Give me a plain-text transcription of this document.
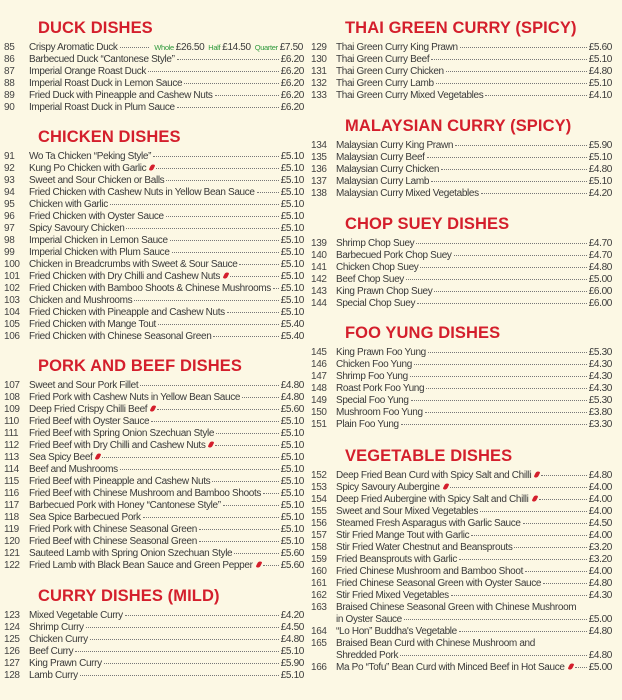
DUCK DISHES
85	Crispy Aromatic Duck	Whole £26.50 Half £14.50 Quarter £7.50
86	Barbecued Duck “Cantonese Style”	£6.20
87	Imperial Orange Roast Duck	£6.20
88	Imperial Roast Duck in Lemon Sauce	£6.20
89	Fried Duck with Pineapple and Cashew Nuts	£6.20
90	Imperial Roast Duck in Plum Sauce	£6.20
CHICKEN DISHES
91	Wo Ta Chicken “Peking Style”	£5.10
92	Kung Po Chicken with Garlic	£5.10
93	Sweet and Sour Chicken or Balls	£5.10
94	Fried Chicken with Cashew Nuts in Yellow Bean Sauce	£5.10
95	Chicken with Garlic	£5.10
96	Fried Chicken with Oyster Sauce	£5.10
97	Spicy Savoury Chicken	£5.10
98	Imperial Chicken in Lemon Sauce	£5.10
99	Imperial Chicken with Plum Sauce	£5.10
100 Chicken in Breadcrumbs with Sweet & Sour Sauce	£5.10
101 Fried Chicken with Dry Chilli and Cashew Nuts	£5.10
102 Fried Chicken with Bamboo Shoots & Chinese Mushrooms £5.10
103 Chicken and Mushrooms	£5.10
104 Fried Chicken with Pineapple and Cashew Nuts	£5.10
105 Fried Chicken with Mange Tout	£5.40
106 Fried Chicken with Chinese Seasonal Green	£5.40
PORK AND BEEF DISHES
107 Sweet and Sour Pork Fillet	£4.80
108 Fried Pork with Cashew Nuts in Yellow Bean Sauce	£4.80
109 Deep Fried Crispy Chilli Beef	£5.60
110	Fried Beef with Oyster Sauce	£5.10
111	Fried Beef with Spring Onion Szechuan Style	£5.10
112	Fried Beef with Dry Chilli and Cashew Nuts	£5.10
113	Sea Spicy Beef	£5.10
114	Beef and Mushrooms	£5.10
115	Fried Beef with Pineapple and Cashew Nuts	£5.10
116	Fried Beef with Chinese Mushroom and Bamboo Shoots £5.10
117	Barbecued Pork with Honey “Cantonese Style”	£5.10
118	Sea Spice Barbecued Pork	£5.10
119	Fried Pork with Chinese Seasonal Green	£5.10
120 Fried Beef with Chinese Seasonal Green	£5.10
121 Sauteed Lamb with Spring Onion Szechuan Style	£5.60
122 Fried Lamb with Black Bean Sauce and Green Pepper	£5.60
CURRY DISHES (MILD)
123 Mixed Vegetable Curry	£4.20
124 Shrimp Curry	£4.50
125 Chicken Curry	£4.80
126 Beef Curry	£5.10
127 King Prawn Curry	£5.90
128 Lamb Curry	£5.10
THAI GREEN CURRY (SPICY)
129 Thai Green Curry King Prawn	£5.60
130 Thai Green Curry Beef	£5.10
131 Thai Green Curry Chicken	£4.80
132 Thai Green Curry Lamb	£5.10
133 Thai Green Curry Mixed Vegetables	£4.10
MALAYSIAN CURRY (SPICY)
134 Malaysian Curry King Prawn	£5.90
135 Malaysian Curry Beef	£5.10
136 Malaysian Curry Chicken	£4.80
137 Malaysian Curry Lamb	£5.10
138 Malaysian Curry Mixed Vegetables	£4.20
CHOP SUEY DISHES
139 Shrimp Chop Suey	£4.70
140 Barbecued Pork Chop Suey	£4.70
141 Chicken Chop Suey	£4.80
142 Beef Chop Suey	£5.00
143 King Prawn Chop Suey	£6.00
144 Special Chop Suey	£6.00
FOO YUNG DISHES
145 King Prawn Foo Yung	£5.30
146 Chicken Foo Yung	£4.30
147 Shrimp Foo Yung	£4.30
148 Roast Pork Foo Yung	£4.30
149 Special Foo Yung	£5.30
150 Mushroom Foo Yung	£3.80
151 Plain Foo Yung	£3.30
VEGETABLE DISHES
152 Deep Fried Bean Curd with Spicy Salt and Chilli	£4.80
153 Spicy Savoury Aubergine	£4.00
154 Deep Fried Aubergine with Spicy Salt and Chilli	£4.00
155 Sweet and Sour Mixed Vegetables	£4.00
156 Steamed Fresh Asparagus with Garlic Sauce	£4.50
157 Stir Fried Mange Tout with Garlic	£4.00
158 Stir Fried Water Chestnut and Beansprouts	£3.20
159 Fried Beansprouts with Garlic	£3.20
160 Fried Chinese Mushroom and Bamboo Shoot	£4.00
161 Fried Chinese Seasonal Green with Oyster Sauce	£4.80
162 Stir Fried Mixed Vegetables	£4.30
163 Braised Chinese Seasonal Green with Chinese Mushroom
in Oyster Sauce	£5.00
164 “Lo Hon” Buddha's Vegetable	£4.80
165 Braised Bean Curd with Chinese Mushroom and
Shredded Pork	£4.80
166 Ma Po “Tofu” Bean Curd with Minced Beef in Hot Sauce £5.00
